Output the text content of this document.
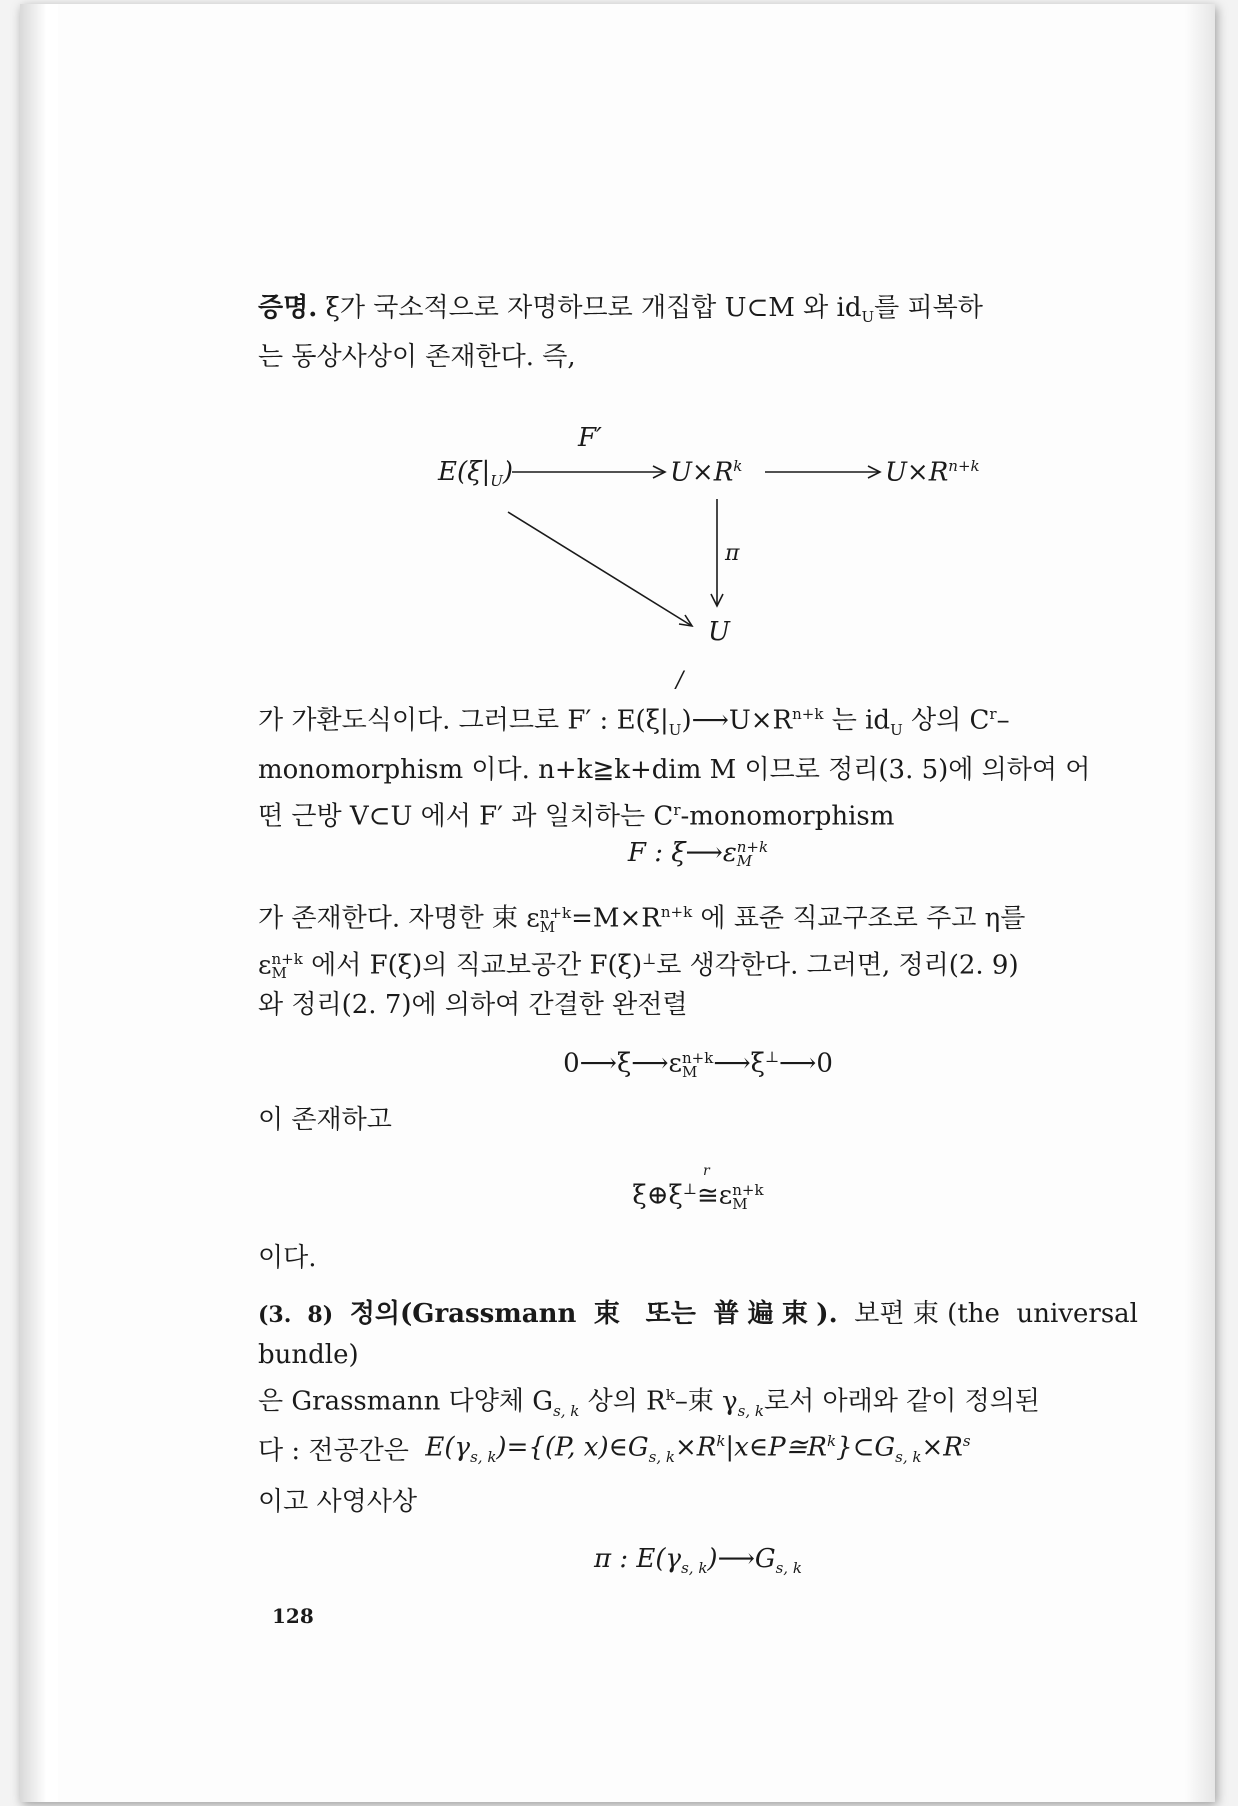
증명. ξ가 국소적으로 자명하므로 개집합 U⊂M 와 $id_U$를 피복하
는 동상사상이 존재한다. 즉,
F′
$E(\xi|_U)$	$U\times R^k$	$U\times R^{n+k}$
π
U
/
가 가환도식이다. 그러므로 F′ : $E(\xi|_U)⟶U\times R^{n+k}$ 는 $id_U$ 상의 $C^r-$
monomorphism 이다. n+k≧k+dim M 이므로 정리(3. 5)에 의하여 어
떤 근방 V⊂U 에서 F′ 과 일치하는 $C^r$-monomorphism
F : ξ⟶ε n+k
M
가 존재한다. 자명한 束 ε n+k
$M =M\times R^{n+k}$ 에 표준 직교구조로 주고 η를
ε n+k
M 에서 F(ξ)의 직교보공간 F(ξ)⊥로 생각한다. 그러면, 정리(2. 9)
와 정리(2. 7)에 의하여 간결한 완전렬
0⟶ξ⟶ε n+k
M ⟶ξ⊥⟶0
이 존재하고
ξ⊕ξ⊥
r
≅ε n+k
M
이다.
(3. 8) 정의(Grassmann 束 또는 普遍束). 보편束(the universal bundle)
은 Grassmann 다양체 $G_{s, k}$ 상의 $R^k-$束 $\gamma_{s, k}$로서 아래와 같이 정의된
다 : 전공간은 $E(\gamma_{s, k})=\{(P$, $x)\in G_{s, k}\times R^k|x\in P≅R^k\}\subset G_{s, k}\times R^s$
이고 사영사상
π : $E(\gamma_{s, k})⟶G_{s, k}$
128
